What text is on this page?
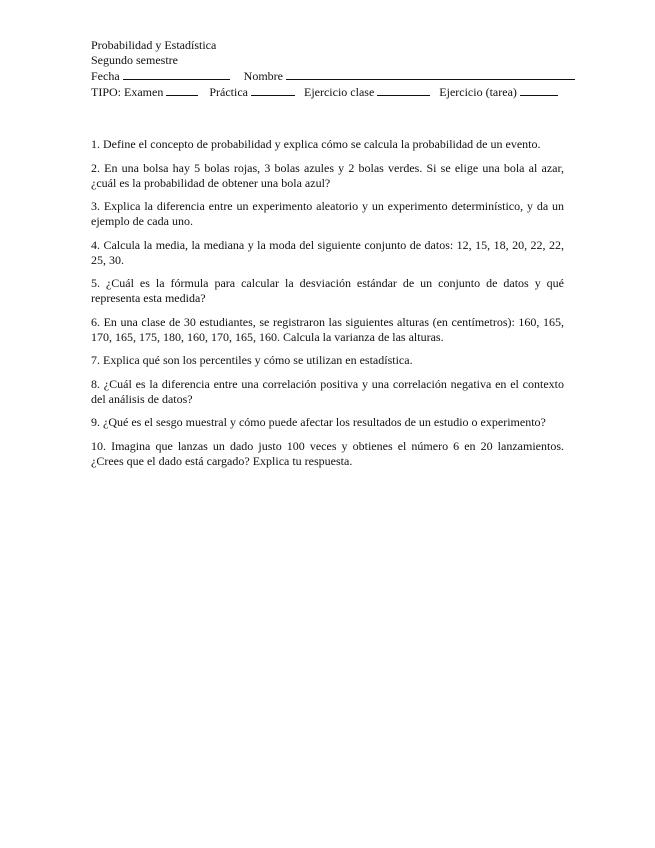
Probabilidad y Estadística
Segundo semestre
Fecha	Nombre
TIPO: Examen	Práctica	Ejercicio clase	Ejercicio (tarea)

1. Define el concepto de probabilidad y explica cómo se calcula la probabilidad de un evento.

2. En una bolsa hay 5 bolas rojas, 3 bolas azules y 2 bolas verdes. Si se elige una bola al azar, ¿cuál es la probabilidad de obtener una bola azul?

3. Explica la diferencia entre un experimento aleatorio y un experimento determinístico, y da un ejemplo de cada uno.

4. Calcula la media, la mediana y la moda del siguiente conjunto de datos: 12, 15, 18, 20, 22, 22, 25, 30.

5. ¿Cuál es la fórmula para calcular la desviación estándar de un conjunto de datos y qué representa esta medida?

6. En una clase de 30 estudiantes, se registraron las siguientes alturas (en centímetros): 160, 165, 170, 165, 175, 180, 160, 170, 165, 160. Calcula la varianza de las alturas.

7. Explica qué son los percentiles y cómo se utilizan en estadística.

8. ¿Cuál es la diferencia entre una correlación positiva y una correlación negativa en el contexto del análisis de datos?

9. ¿Qué es el sesgo muestral y cómo puede afectar los resultados de un estudio o experimento?

10. Imagina que lanzas un dado justo 100 veces y obtienes el número 6 en 20 lanzamientos. ¿Crees que el dado está cargado? Explica tu respuesta.
